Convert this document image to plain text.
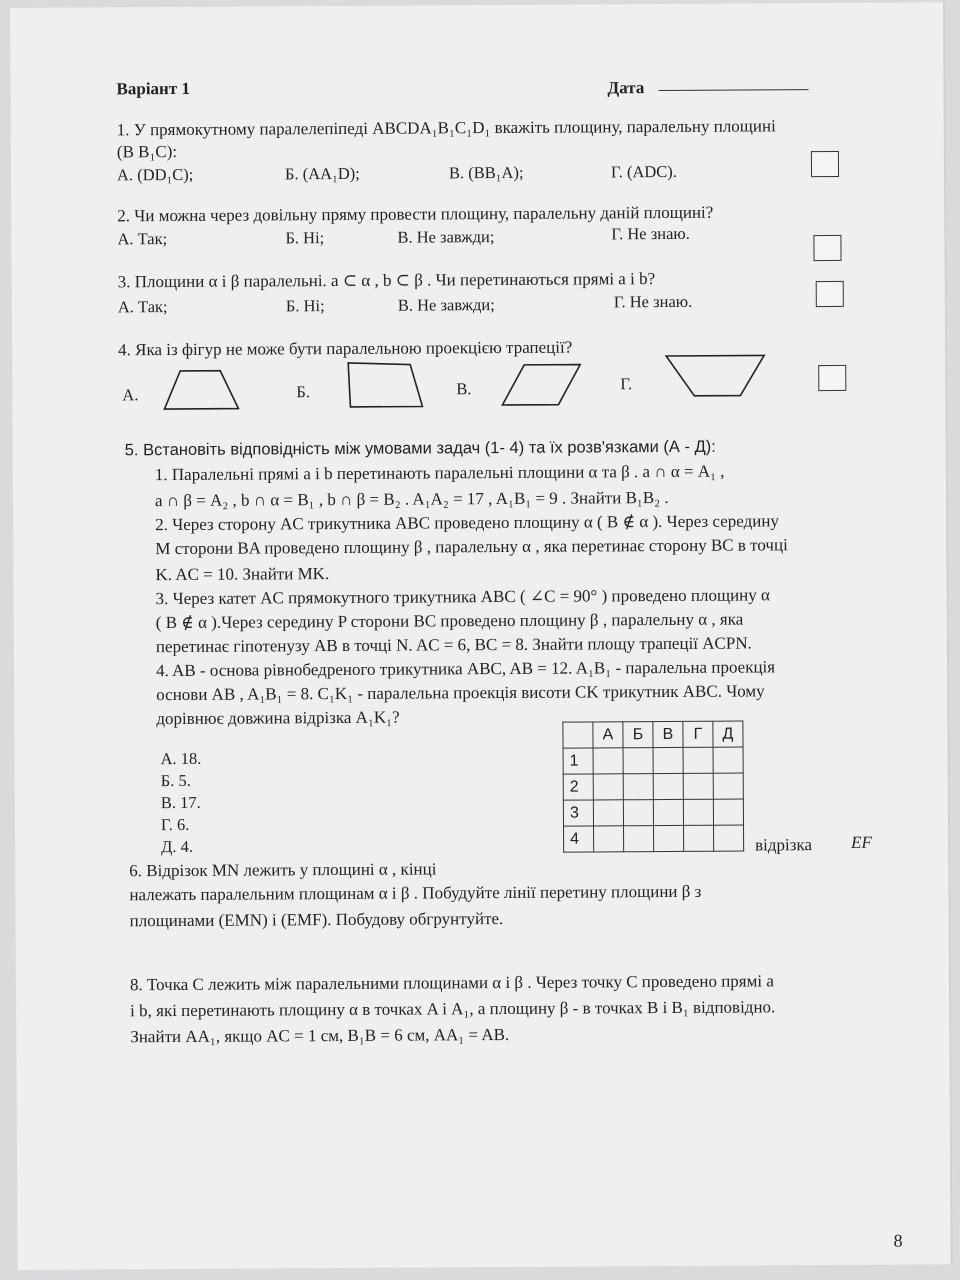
Варіант 1	Дата
1. У прямокутному паралелепіпеді ABCDA₁B₁C₁D₁ вкажіть площину, паралельну площині
(B B₁C):
А. (DD₁C);	Б. (AA₁D);	В. (BB₁A);	Г. (ADC).
2. Чи можна через довільну пряму провести площину, паралельну даній площині?
А. Так;	Б. Ні;	В. Не завжди;	Г. Не знаю.
3. Площини α і β паралельні. a ⊂ α , b ⊂ β . Чи перетинаються прямі a і b?
А. Так;	Б. Ні;	В. Не завжди;	Г. Не знаю.
4. Яка із фігур не може бути паралельною проекцією трапеції?
А.	Б.	В.	Г.
5. Встановіть відповідність між умовами задач (1- 4) та їх розв'язками (А - Д):
1. Паралельні прямі a і b перетинають паралельні площини α та β . a ∩ α = A₁ ,
a ∩ β = A₂ , b ∩ α = B₁ , b ∩ β = B₂ . A₁A₂ = 17 , A₁B₁ = 9 . Знайти B₁B₂ .
2. Через сторону AC трикутника ABC проведено площину α ( B ∉ α ). Через середину
M сторони BA проведено площину β , паралельну α , яка перетинає сторону BC в точці
K. AC = 10. Знайти MK.
3. Через катет AC прямокутного трикутника ABC ( ∠C = 90° ) проведено площину α
( B ∉ α ).Через середину P сторони BC проведено площину β , паралельну α , яка
перетинає гіпотенузу AB в точці N. AC = 6, BC = 8. Знайти площу трапеції ACPN.
4. AB - основа рівнобедреного трикутника ABC, AB = 12. A₁B₁ - паралельна проекція
основи AB , A₁B₁ = 8. C₁K₁ - паралельна проекція висоти CK трикутник ABC. Чому
дорівнює довжина відрізка A₁K₁?
А. 18.
Б. 5.
В. 17.
Г. 6.
Д. 4.
	А	Б	В	Г	Д
1					
2					
3					
4					
6. Відрізок MN лежить у площині α , кінці
відрізка EF
належать паралельним площинам α і β . Побудуйте лінії перетину площини β з
площинами (EMN) і (EMF). Побудову обгрунтуйте.
8. Точка C лежить між паралельними площинами α і β . Через точку C проведено прямі a
і b, які перетинають площину α в точках A і A₁, а площину β - в точках B і B₁ відповідно.
Знайти AA₁, якщо AC = 1 см, B₁B = 6 см, AA₁ = AB.
8
